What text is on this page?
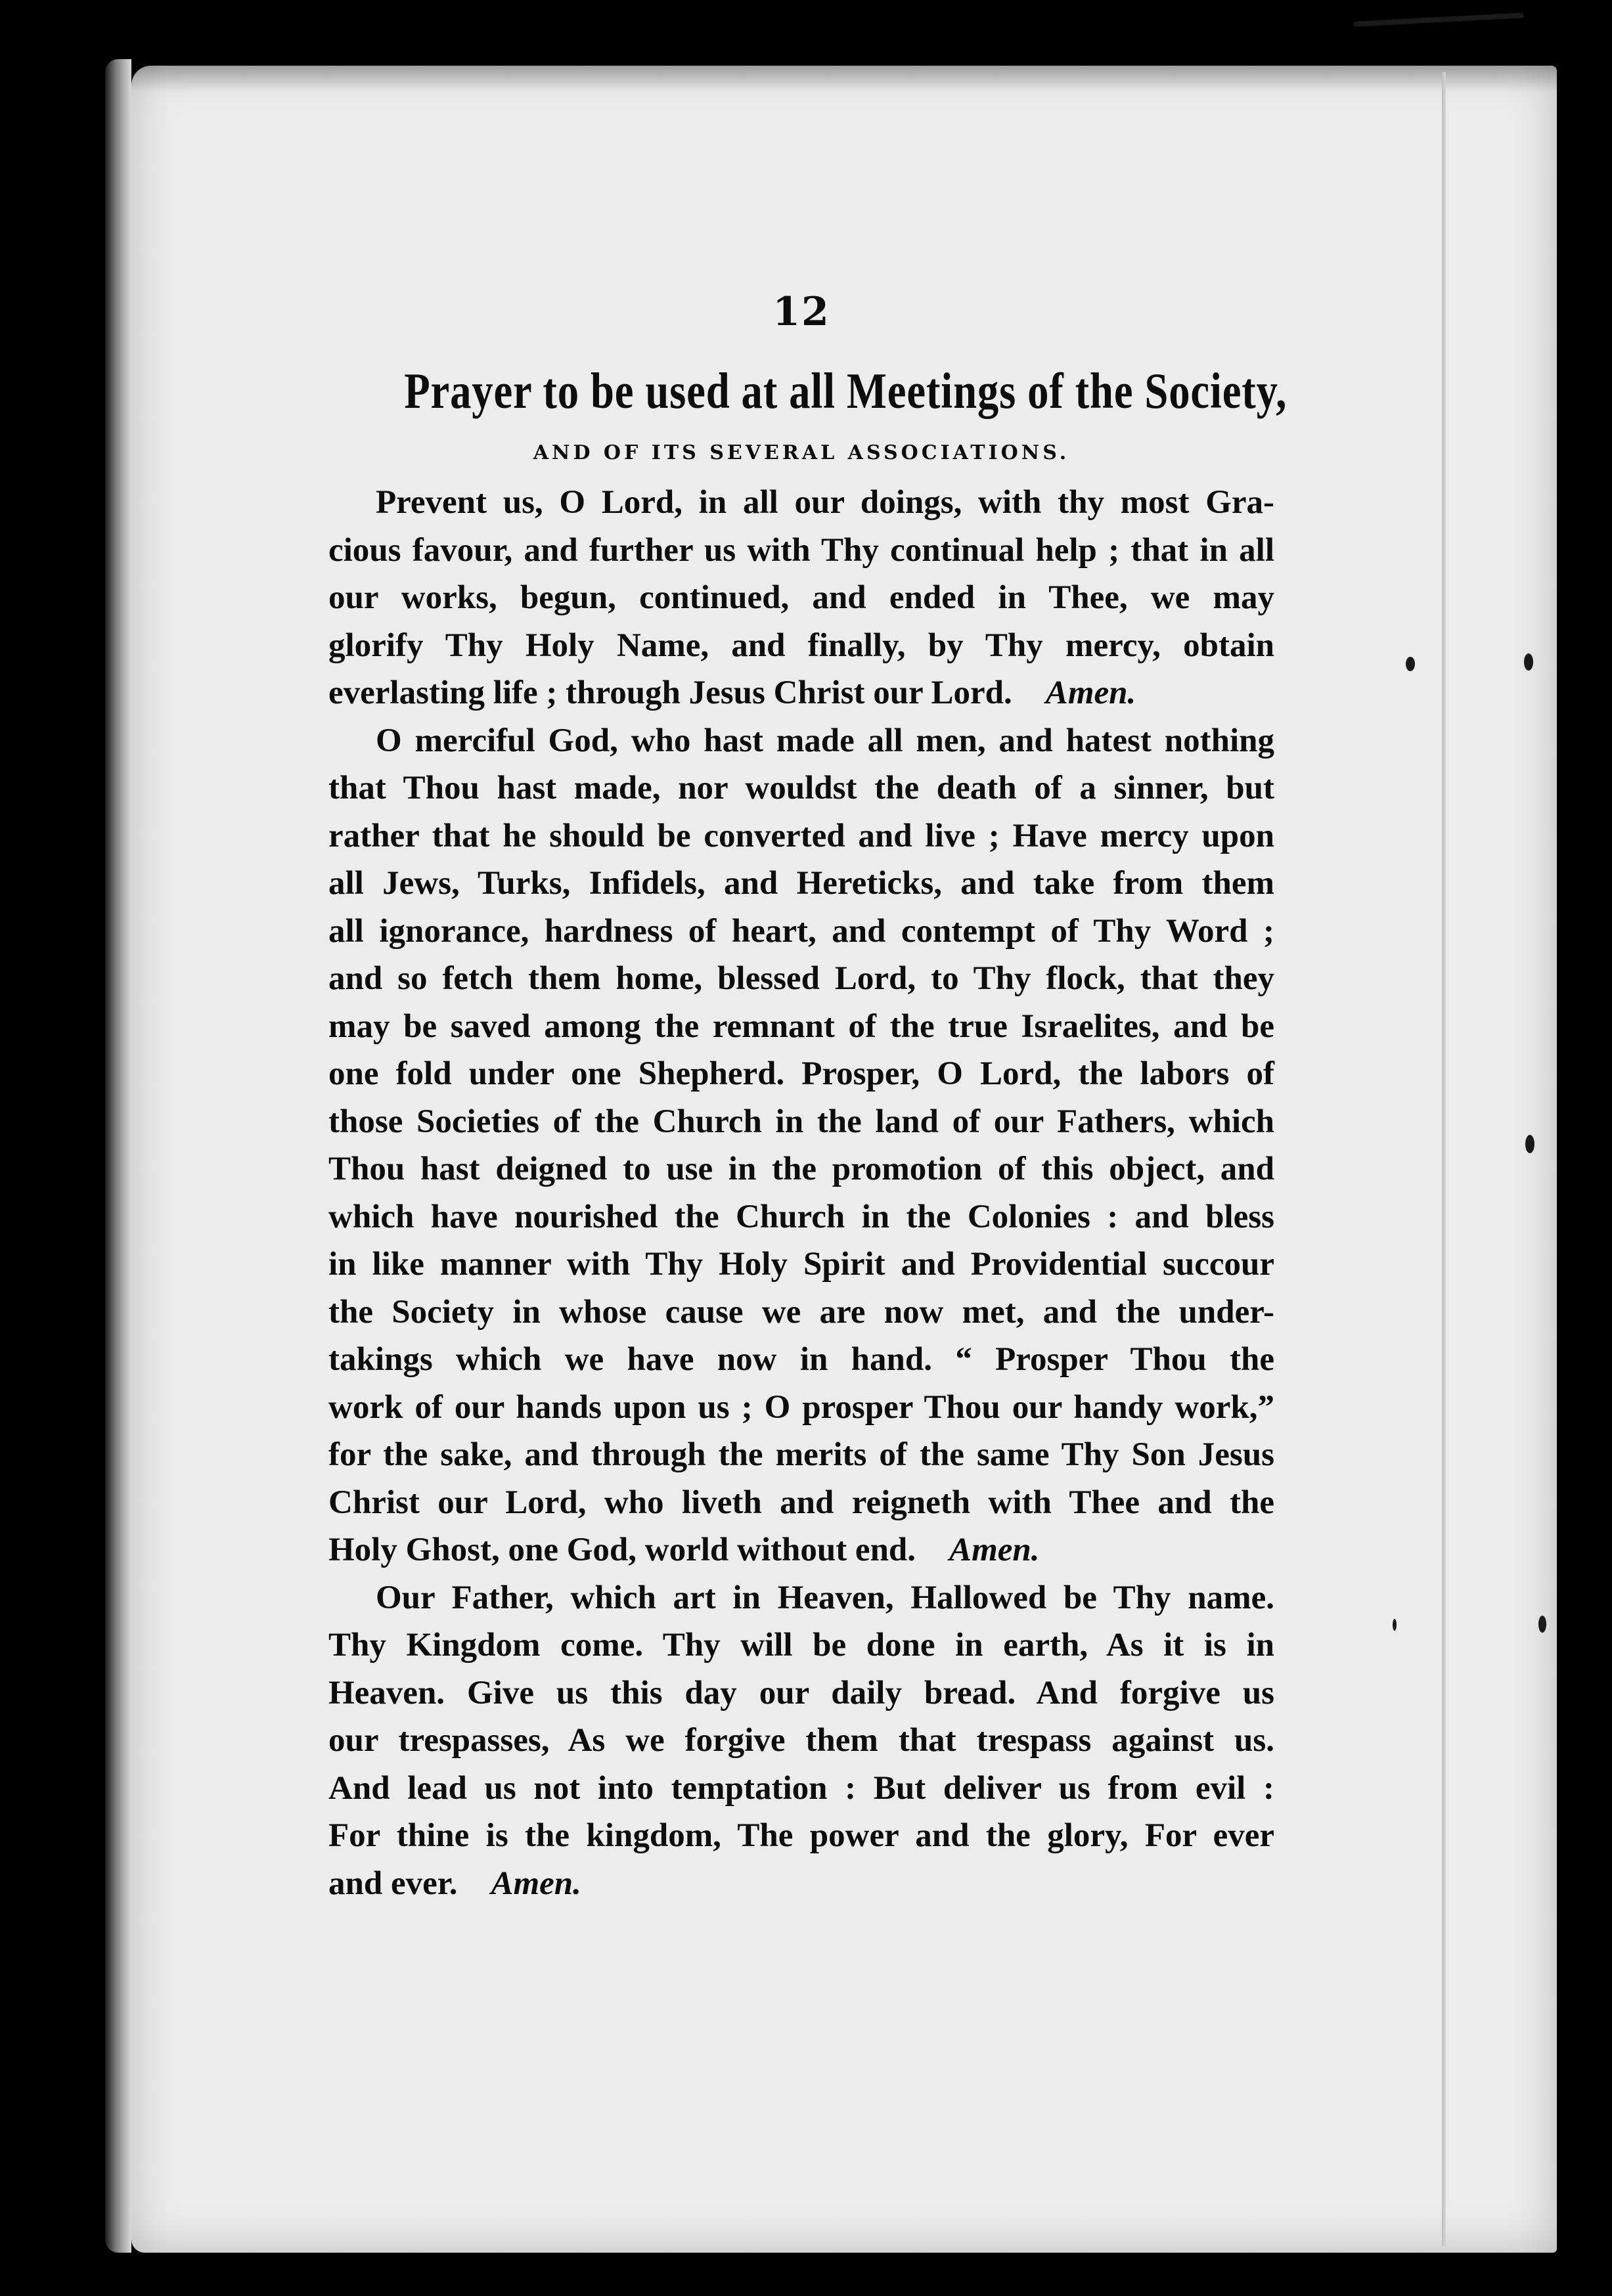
12
Prayer to be used at all Meetings of the Society,
AND OF ITS SEVERAL ASSOCIATIONS.
Prevent us, O Lord, in all our doings, with thy most Gra-
cious favour, and further us with Thy continual help ; that in all
our works, begun, continued, and ended in Thee, we may
glorify Thy Holy Name, and finally, by Thy mercy, obtain
everlasting life ; through Jesus Christ our Lord.  Amen.
O merciful God, who hast made all men, and hatest nothing
that Thou hast made, nor wouldst the death of a sinner, but
rather that he should be converted and live ; Have mercy upon
all Jews, Turks, Infidels, and Hereticks, and take from them
all ignorance, hardness of heart, and contempt of Thy Word ;
and so fetch them home, blessed Lord, to Thy flock, that they
may be saved among the remnant of the true Israelites, and be
one fold under one Shepherd. Prosper, O Lord, the labors of
those Societies of the Church in the land of our Fathers, which
Thou hast deigned to use in the promotion of this object, and
which have nourished the Church in the Colonies : and bless
in like manner with Thy Holy Spirit and Providential succour
the Society in whose cause we are now met, and the under-
takings which we have now in hand. “ Prosper Thou the
work of our hands upon us ; O prosper Thou our handy work,”
for the sake, and through the merits of the same Thy Son Jesus
Christ our Lord, who liveth and reigneth with Thee and the
Holy Ghost, one God, world without end.  Amen.
Our Father, which art in Heaven, Hallowed be Thy name.
Thy Kingdom come. Thy will be done in earth, As it is in
Heaven. Give us this day our daily bread. And forgive us
our trespasses, As we forgive them that trespass against us.
And lead us not into temptation : But deliver us from evil :
For thine is the kingdom, The power and the glory, For ever
and ever.  Amen.
